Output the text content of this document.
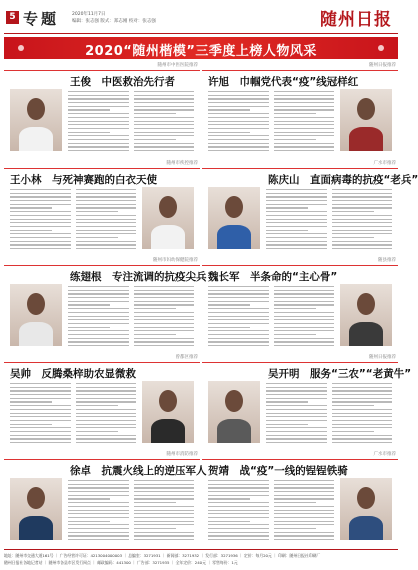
5 专题	2020年11月7日
编辑：张志强 版式：郑志刚 校对：张志强	随州日报
2020“随州楷模”三季度上榜人物风采
随州市中医医院推荐
王俊　中医救治先行者
随州日报推荐
许旭　巾帼党代表“疫”线冠样红
随州市疾控推荐
王小林　与死神赛跑的白衣天使
广水市推荐
陈庆山　直面病毒的抗疫“老兵”
随州市妇幼保健院推荐
练翅根　专注流调的抗疫尖兵
随县推荐
魏长军　半条命的“主心骨”
曾都区推荐
吴帅　反腾桑梓助农显微救
随州日报推荐
吴开明　服务“三农”“老黄牛”
随州市消防推荐
徐卓　抗震火线上的逆压军人
广水市推荐
贺靖　战“疫”一线的锃锃铁骑
地址：随州市交通大道161号 ｜ 广告经营许可证：4213004000003 ｜ 总编室：3271931 ｜ 新闻部：3271932 ｜ 发行部：3271936 ｜ 定价：每月20元 ｜ 印刷：随州日报社印刷厂
随州日报社各地记者站 ｜ 随州市各县市区发行网点 ｜ 邮政编码：441300 ｜ 广告部：3271935 ｜ 全年定价：240元 ｜ 零售每份：1元
